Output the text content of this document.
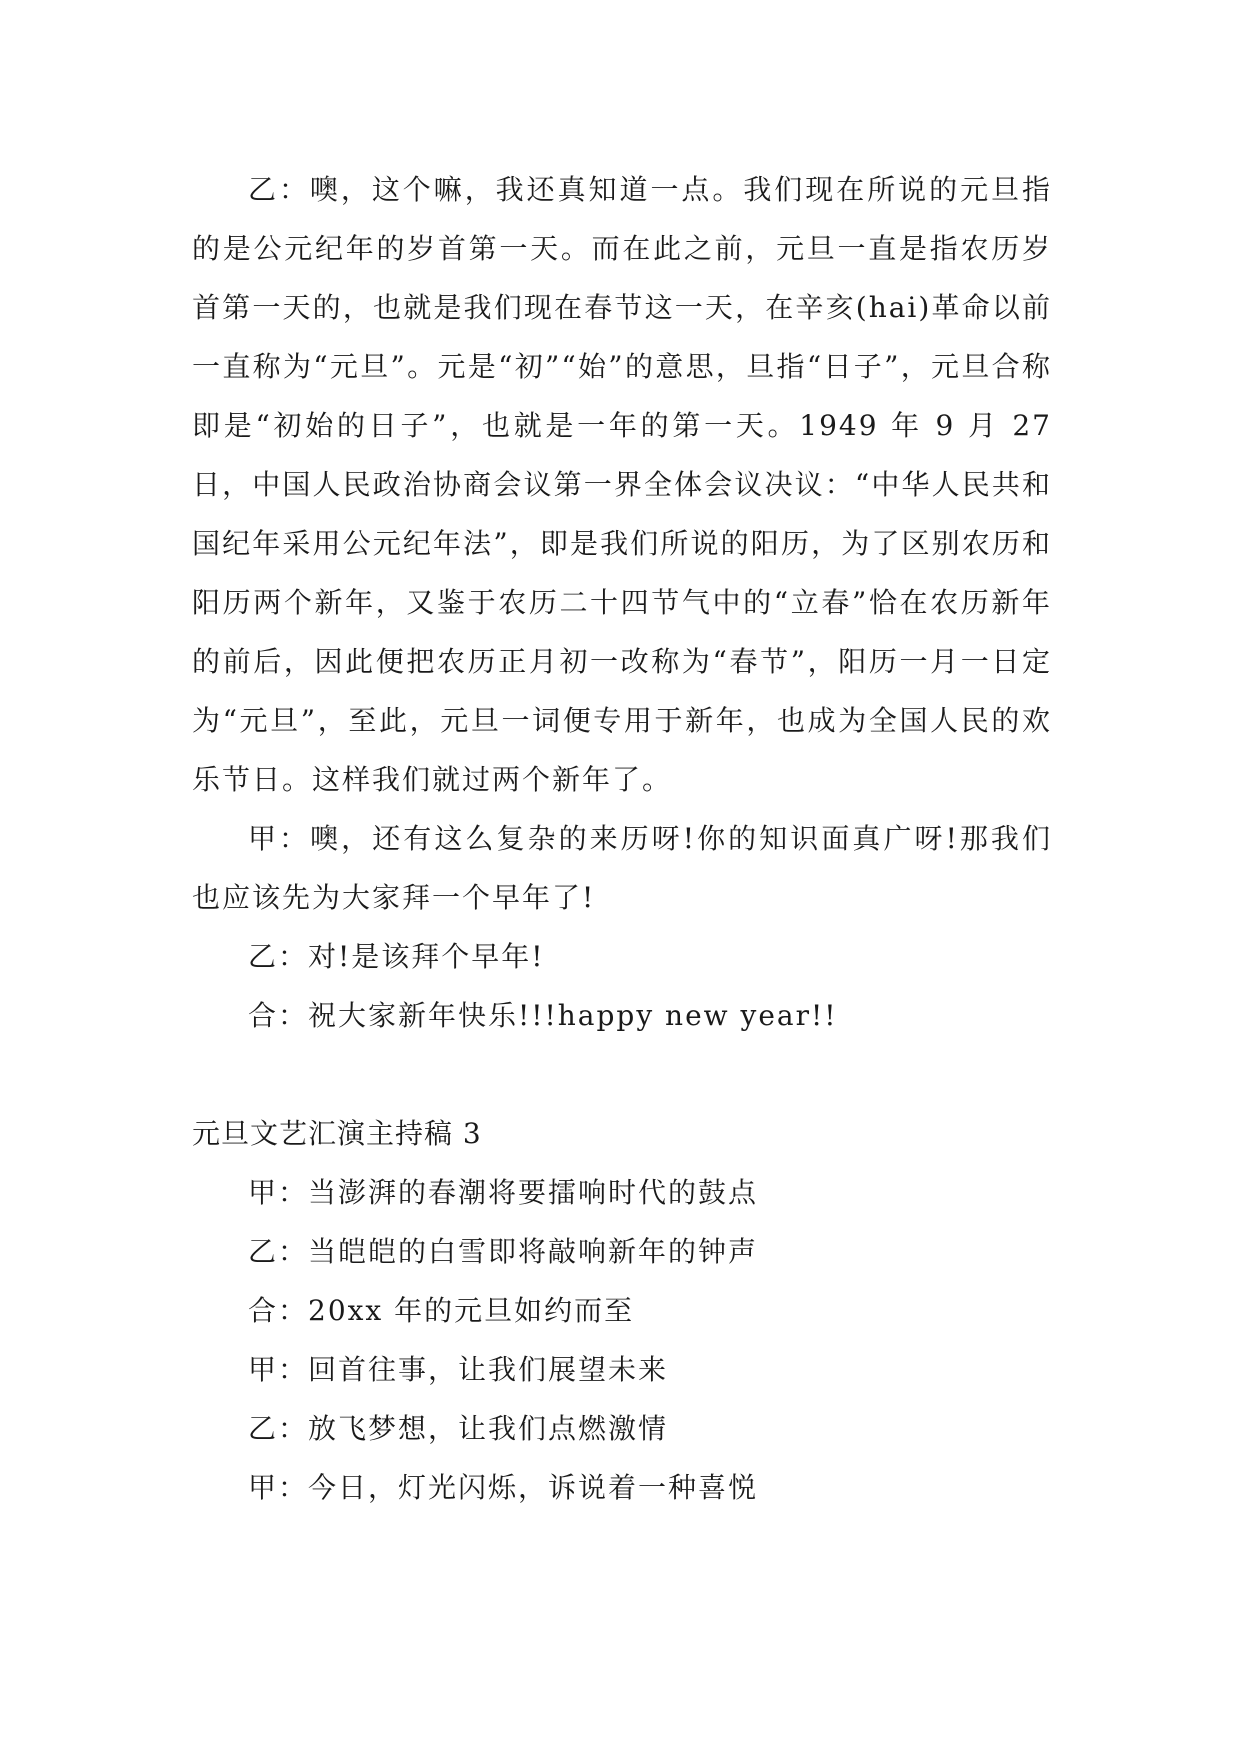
乙：噢，这个嘛，我还真知道一点。我们现在所说的元旦指的是公元纪年的岁首第一天。而在此之前，元旦一直是指农历岁首第一天的，也就是我们现在春节这一天，在辛亥(hai)革命以前一直称为“元旦”。元是“初”“始”的意思，旦指“日子”，元旦合称即是“初始的日子”，也就是一年的第一天。1949 年 9 月 27 日，中国人民政治协商会议第一界全体会议决议：“中华人民共和国纪年采用公元纪年法”，即是我们所说的阳历，为了区别农历和阳历两个新年，又鉴于农历二十四节气中的“立春”恰在农历新年的前后，因此便把农历正月初一改称为“春节”，阳历一月一日定为“元旦”，至此，元旦一词便专用于新年，也成为全国人民的欢乐节日。这样我们就过两个新年了。

甲：噢，还有这么复杂的来历呀!你的知识面真广呀!那我们也应该先为大家拜一个早年了!

乙：对!是该拜个早年!

合：祝大家新年快乐!!!happy new year!!

元旦文艺汇演主持稿 3

甲：当澎湃的春潮将要擂响时代的鼓点

乙：当皑皑的白雪即将敲响新年的钟声

合：20xx 年的元旦如约而至

甲：回首往事，让我们展望未来

乙：放飞梦想，让我们点燃激情

甲：今日，灯光闪烁，诉说着一种喜悦
